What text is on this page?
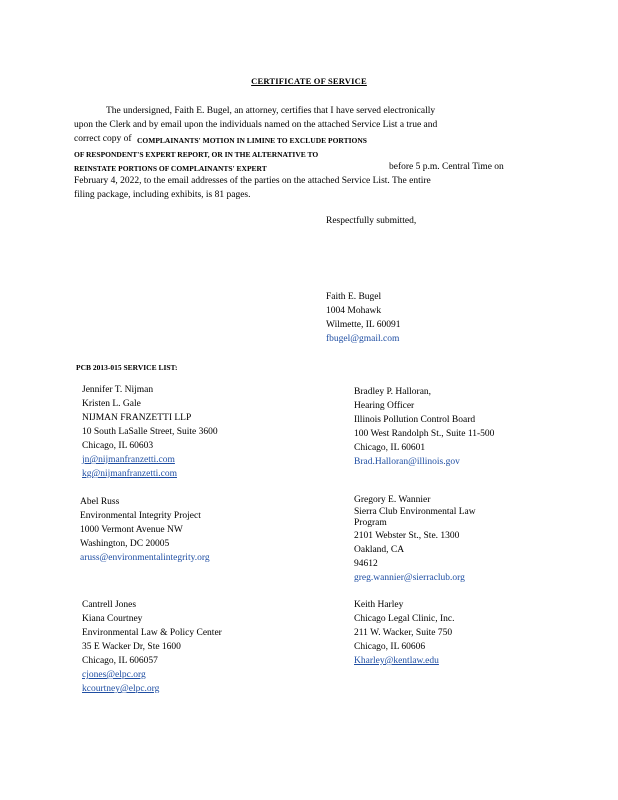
CERTIFICATE OF SERVICE
The undersigned, Faith E. Bugel, an attorney, certifies that I have served electronically
upon the Clerk and by email upon the individuals named on the attached Service List a true and
correct copy of COMPLAINANTS' MOTION IN LIMINE TO EXCLUDE PORTIONS
OF RESPONDENT'S EXPERT REPORT, OR IN THE ALTERNATIVE TO
REINSTATE PORTIONS OF COMPLAINANTS' EXPERT	before 5 p.m. Central Time on
February 4, 2022, to the email addresses of the parties on the attached Service List. The entire
filing package, including exhibits, is 81 pages.
Respectfully submitted,
Faith E. Bugel
1004 Mohawk
Wilmette, IL 60091
fbugel@gmail.com
PCB 2013-015 SERVICE LIST:
Jennifer T. Nijman
Kristen L. Gale
NIJMAN FRANZETTI LLP
10 South LaSalle Street, Suite 3600
Chicago, IL 60603
jn@nijmanfranzetti.com
kg@nijmanfranzetti.com
Abel Russ
Environmental Integrity Project
1000 Vermont Avenue NW
Washington, DC 20005
aruss@environmentalintegrity.org
Cantrell Jones
Kiana Courtney
Environmental Law & Policy Center
35 E Wacker Dr, Ste 1600
Chicago, IL 606057
cjones@elpc.org
kcourtney@elpc.org
Bradley P. Halloran,
Hearing Officer
Illinois Pollution Control Board
100 West Randolph St., Suite 11-500
Chicago, IL 60601
Brad.Halloran@illinois.gov
Gregory E. Wannier
Sierra Club Environmental Law
Program
2101 Webster St., Ste. 1300
Oakland, CA
94612
greg.wannier@sierraclub.org
Keith Harley
Chicago Legal Clinic, Inc.
211 W. Wacker, Suite 750
Chicago, IL 60606
Kharley@kentlaw.edu
